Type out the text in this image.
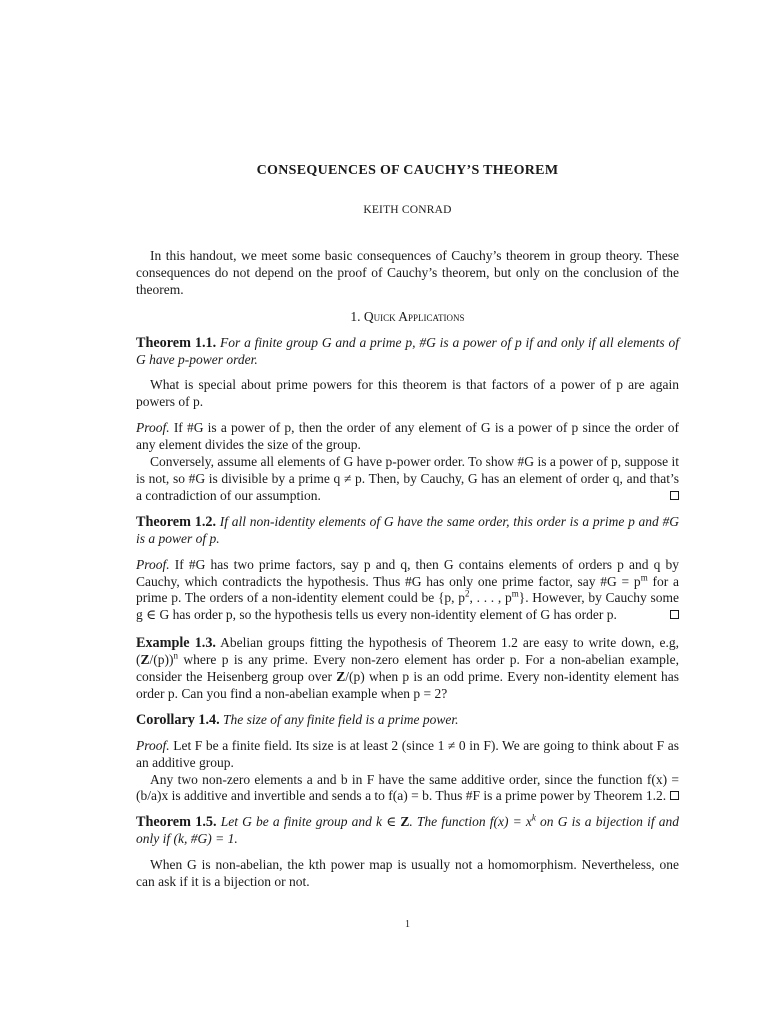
CONSEQUENCES OF CAUCHY’S THEOREM
KEITH CONRAD

In this handout, we meet some basic consequences of Cauchy’s theorem in group theory. These consequences do not depend on the proof of Cauchy’s theorem, but only on the conclusion of the theorem.

1. Quick Applications

Theorem 1.1. For a finite group G and a prime p, #G is a power of p if and only if all elements of G have p-power order.

What is special about prime powers for this theorem is that factors of a power of p are again powers of p.

Proof. If #G is a power of p, then the order of any element of G is a power of p since the order of any element divides the size of the group.

Conversely, assume all elements of G have p-power order. To show #G is a power of p, suppose it is not, so #G is divisible by a prime q ≠ p. Then, by Cauchy, G has an element of order q, and that’s a contradiction of our assumption.

Theorem 1.2. If all non-identity elements of G have the same order, this order is a prime p and #G is a power of p.

Proof. If #G has two prime factors, say p and q, then G contains elements of orders p and q by Cauchy, which contradicts the hypothesis. Thus #G has only one prime factor, say #G = $p^m$ for a prime p. The orders of a non-identity element could be {p, $p^2$, . . . , $p^m$}. However, by Cauchy some g ∈ G has order p, so the hypothesis tells us every non-identity element of G has order p.

Example 1.3. Abelian groups fitting the hypothesis of Theorem 1.2 are easy to write down, e.g, $(Z/(p))^n$ where p is any prime. Every non-zero element has order p. For a non-abelian example, consider the Heisenberg group over Z/(p) when p is an odd prime. Every non-identity element has order p. Can you find a non-abelian example when p = 2?

Corollary 1.4. The size of any finite field is a prime power.

Proof. Let F be a finite field. Its size is at least 2 (since 1 ≠ 0 in F). We are going to think about F as an additive group.

Any two non-zero elements a and b in F have the same additive order, since the function f(x) = (b/a)x is additive and invertible and sends a to f(a) = b. Thus #F is a prime power by Theorem 1.2.

Theorem 1.5. Let G be a finite group and k ∈ Z. The function $f(x) = x^k$ on G is a bijection if and only if (k, #G) = 1.

When G is non-abelian, the kth power map is usually not a homomorphism. Nevertheless, one can ask if it is a bijection or not.

1
